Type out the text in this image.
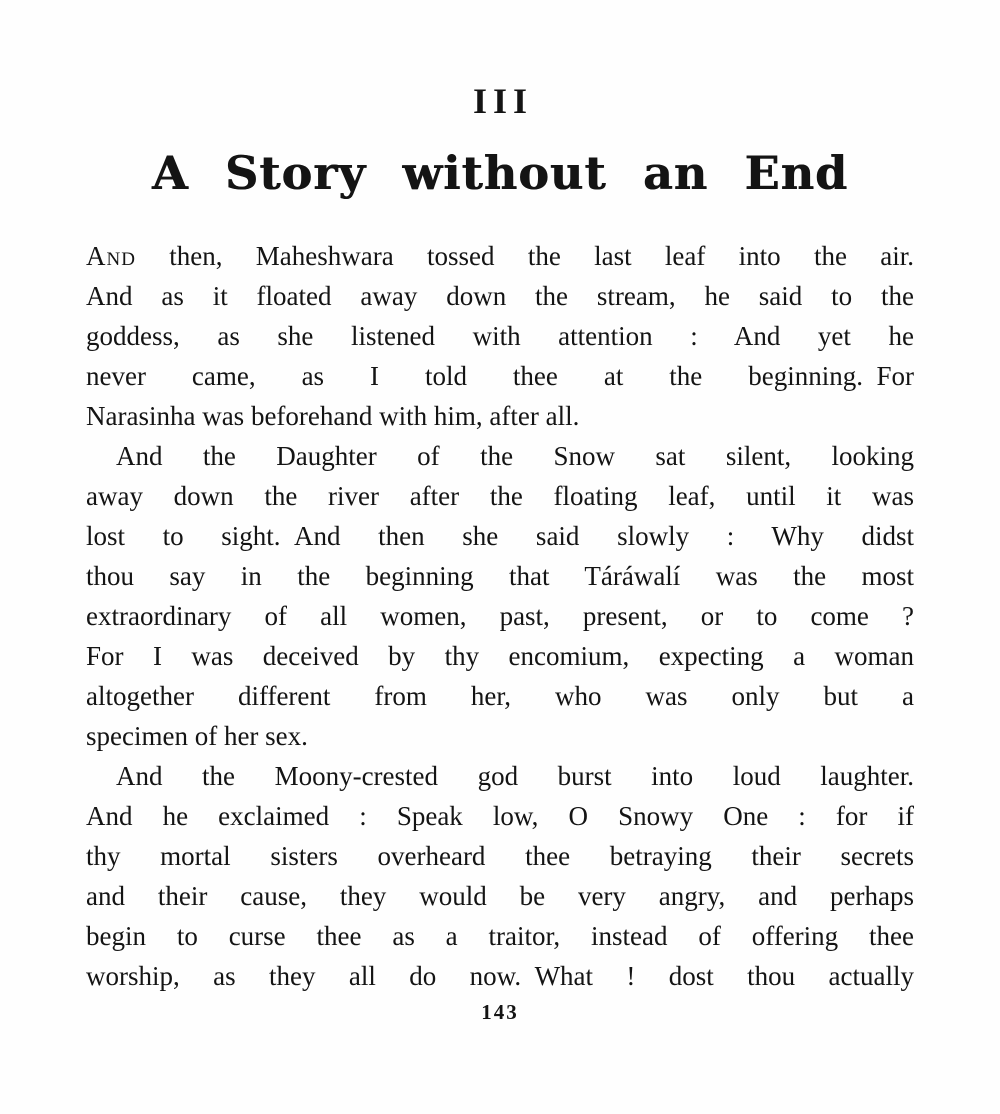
III
A Story without an End
And then, Maheshwara tossed the last leaf into the air.
And as it floated away down the stream, he said to the
goddess, as she listened with attention : And yet he
never came, as I told thee at the beginning. For
Narasinha was beforehand with him, after all.
And the Daughter of the Snow sat silent, looking
away down the river after the floating leaf, until it was
lost to sight. And then she said slowly : Why didst
thou say in the beginning that Táráwalí was the most
extraordinary of all women, past, present, or to come ?
For I was deceived by thy encomium, expecting a woman
altogether different from her, who was only but a
specimen of her sex.
And the Moony-crested god burst into loud laughter.
And he exclaimed : Speak low, O Snowy One : for if
thy mortal sisters overheard thee betraying their secrets
and their cause, they would be very angry, and perhaps
begin to curse thee as a traitor, instead of offering thee
worship, as they all do now. What ! dost thou actually
143
